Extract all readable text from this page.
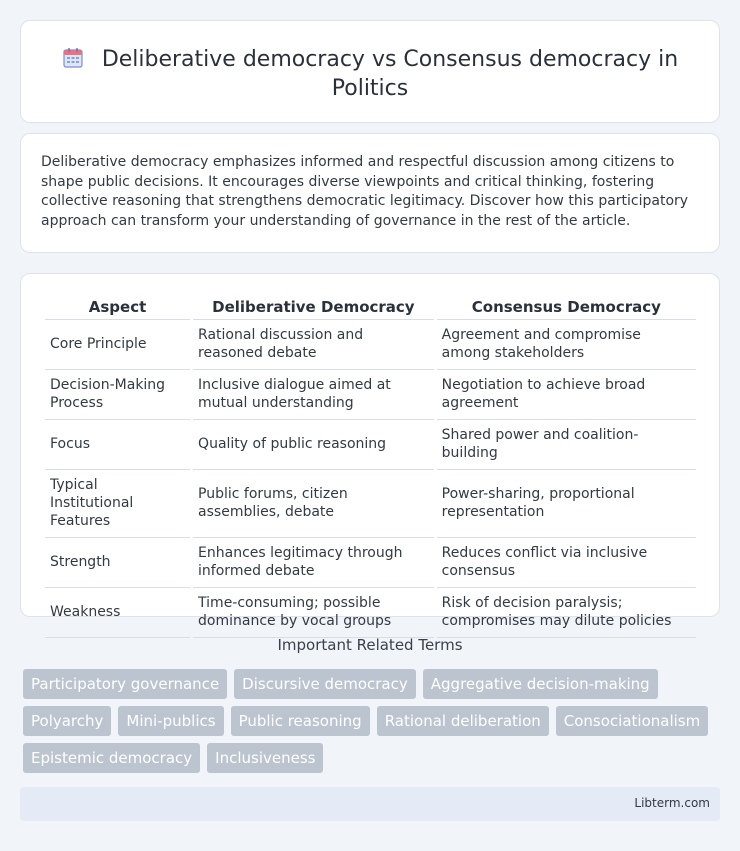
Deliberative democracy vs Consensus democracy in Politics

Deliberative democracy emphasizes informed and respectful discussion among citizens to shape public decisions. It encourages diverse viewpoints and critical thinking, fostering collective reasoning that strengthens democratic legitimacy. Discover how this participatory approach can transform your understanding of governance in the rest of the article.

Aspect	Deliberative Democracy	Consensus Democracy
Core Principle	Rational discussion and reasoned debate	Agreement and compromise among stakeholders
Decision-Making Process	Inclusive dialogue aimed at mutual understanding	Negotiation to achieve broad agreement
Focus	Quality of public reasoning	Shared power and coalition-building
Typical Institutional Features	Public forums, citizen assemblies, debate	Power-sharing, proportional representation
Strength	Enhances legitimacy through informed debate	Reduces conflict via inclusive consensus
Weakness	Time-consuming; possible dominance by vocal groups	Risk of decision paralysis; compromises may dilute policies
Important Related Terms
Participatory governance	Discursive democracy	Aggregative decision-making
Polyarchy	Mini-publics	Public reasoning	Rational deliberation	Consociationalism
Epistemic democracy	Inclusiveness
Libterm.com
